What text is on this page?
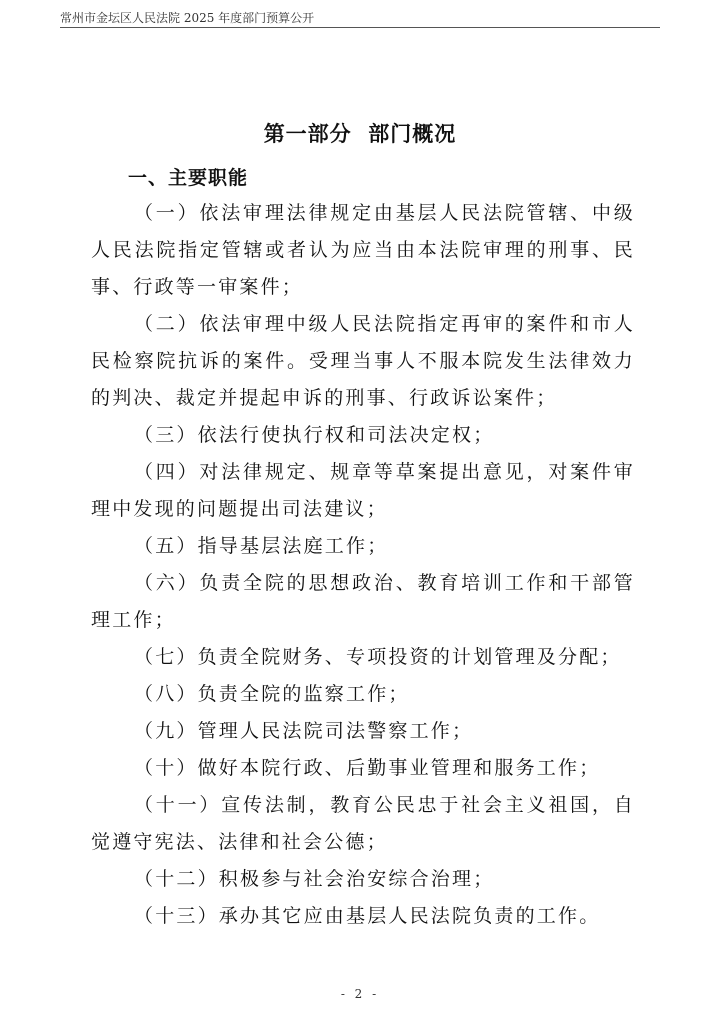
常州市金坛区人民法院 2025 年度部门预算公开
第一部分  部门概况
一、主要职能

（一）依法审理法律规定由基层人民法院管辖、中级人民法院指定管辖或者认为应当由本法院审理的刑事、民事、行政等一审案件；

（二）依法审理中级人民法院指定再审的案件和市人民检察院抗诉的案件。受理当事人不服本院发生法律效力的判决、裁定并提起申诉的刑事、行政诉讼案件；

（三）依法行使执行权和司法决定权；

（四）对法律规定、规章等草案提出意见，对案件审理中发现的问题提出司法建议；

（五）指导基层法庭工作；

（六）负责全院的思想政治、教育培训工作和干部管理工作；

（七）负责全院财务、专项投资的计划管理及分配；

（八）负责全院的监察工作；

（九）管理人民法院司法警察工作；

（十）做好本院行政、后勤事业管理和服务工作；

（十一）宣传法制，教育公民忠于社会主义祖国，自觉遵守宪法、法律和社会公德；

（十二）积极参与社会治安综合治理；

（十三）承办其它应由基层人民法院负责的工作。

- 2 -
